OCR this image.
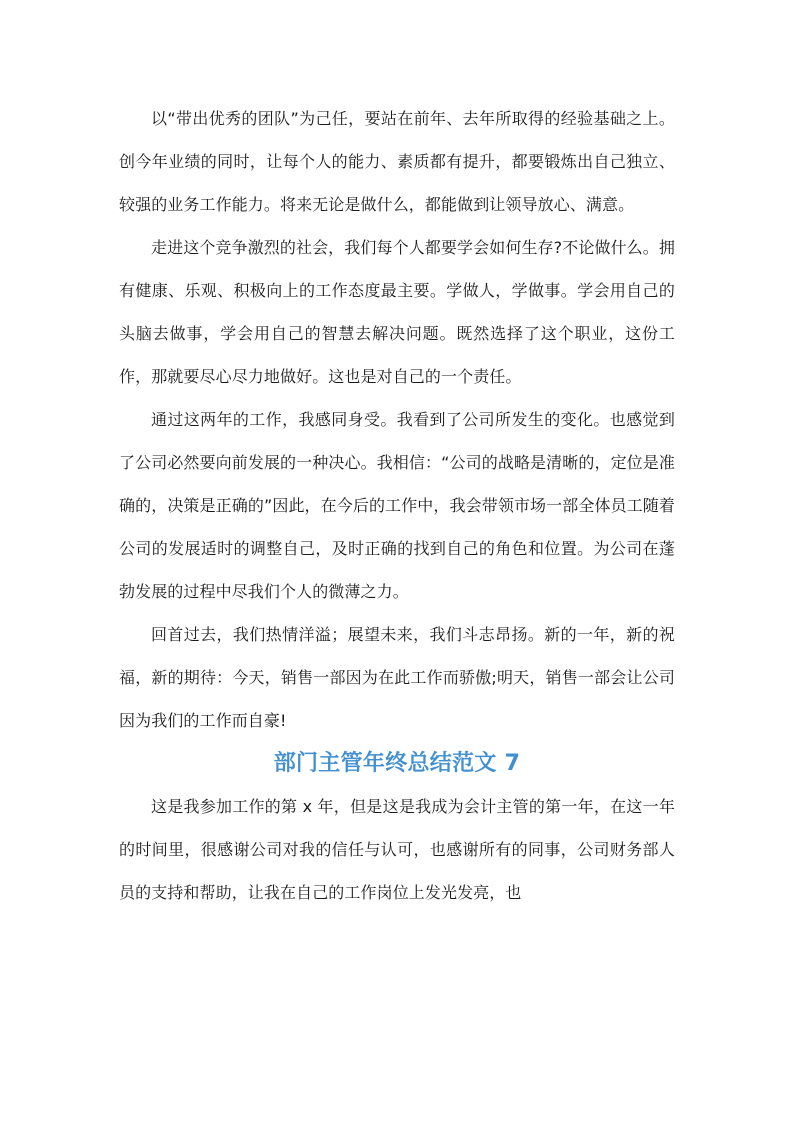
以“带出优秀的团队”为己任，要站在前年、去年所取得的经验基础之上。创今年业绩的同时，让每个人的能力、素质都有提升，都要锻炼出自己独立、较强的业务工作能力。将来无论是做什么，都能做到让领导放心、满意。

走进这个竞争激烈的社会，我们每个人都要学会如何生存?不论做什么。拥有健康、乐观、积极向上的工作态度最主要。学做人，学做事。学会用自己的头脑去做事，学会用自己的智慧去解决问题。既然选择了这个职业，这份工作，那就要尽心尽力地做好。这也是对自己的一个责任。

通过这两年的工作，我感同身受。我看到了公司所发生的变化。也感觉到了公司必然要向前发展的一种决心。我相信：“公司的战略是清晰的，定位是准确的，决策是正确的”因此，在今后的工作中，我会带领市场一部全体员工随着公司的发展适时的调整自己，及时正确的找到自己的角色和位置。为公司在蓬勃发展的过程中尽我们个人的微薄之力。

回首过去，我们热情洋溢；展望未来，我们斗志昂扬。新的一年，新的祝福，新的期待：今天，销售一部因为在此工作而骄傲;明天，销售一部会让公司因为我们的工作而自豪!

部门主管年终总结范文 7

这是我参加工作的第 x 年，但是这是我成为会计主管的第一年，在这一年的时间里，很感谢公司对我的信任与认可，也感谢所有的同事，公司财务部人员的支持和帮助，让我在自己的工作岗位上发光发亮，也
